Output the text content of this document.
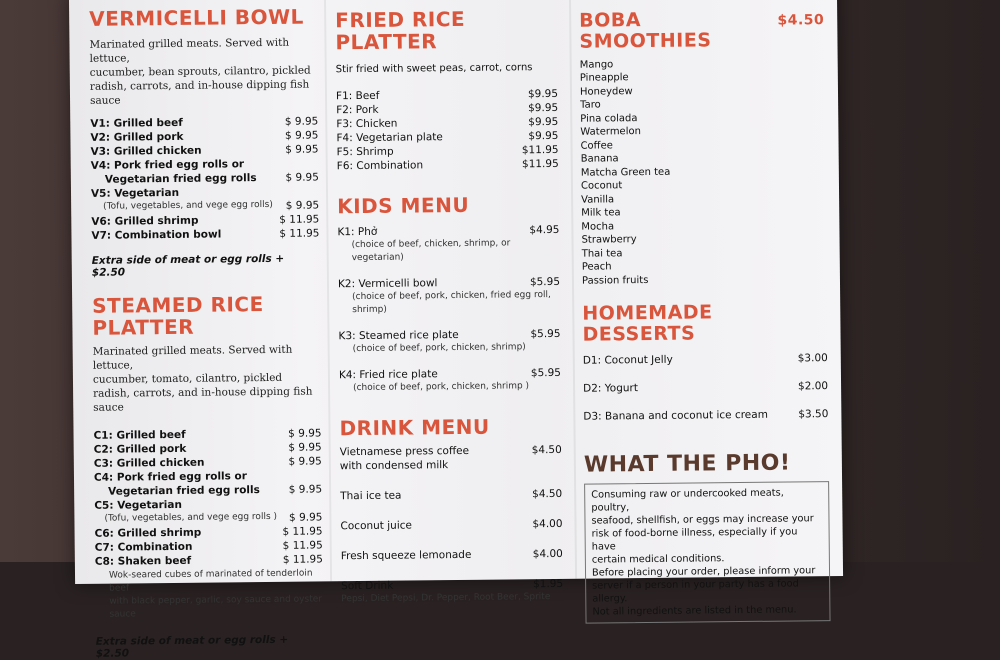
VERMICELLI BOWL
Marinated grilled meats. Served with lettuce,
cucumber, bean sprouts, cilantro, pickled
radish, carrots, and in-house dipping fish sauce
V1: Grilled beef	$ 9.95
V2: Grilled pork	$ 9.95
V3: Grilled chicken	$ 9.95
V4: Pork fried egg rolls or
Vegetarian fried egg rolls	$ 9.95
V5: Vegetarian
(Tofu, vegetables, and vege egg rolls) $ 9.95
V6: Grilled shrimp	$ 11.95
V7: Combination bowl	$ 11.95
Extra side of meat or egg rolls + $2.50
STEAMED RICE PLATTER
Marinated grilled meats. Served with lettuce,
cucumber, tomato, cilantro, pickled
radish, carrots, and in-house dipping fish sauce
C1: Grilled beef	$ 9.95
C2: Grilled pork	$ 9.95
C3: Grilled chicken	$ 9.95
C4: Pork fried egg rolls or
Vegetarian fried egg rolls	$ 9.95
C5: Vegetarian
(Tofu, vegetables, and vege egg rolls ) $ 9.95
C6: Grilled shrimp	$ 11.95
C7: Combination	$ 11.95
C8: Shaken beef	$ 11.95
Wok-seared cubes of marinated of tenderloin beef
with black pepper, garlic, soy sauce and oyster sauce
Extra side of meat or egg rolls + $2.50
FRIED RICE PLATTER
Stir fried with sweet peas, carrot, corns
F1: Beef	$9.95
F2: Pork	$9.95
F3: Chicken	$9.95
F4: Vegetarian plate	$9.95
F5: Shrimp	$11.95
F6: Combination	$11.95
KIDS MENU
K1: Phở	$4.95
(choice of beef, chicken, shrimp, or vegetarian)
K2: Vermicelli bowl	$5.95
(choice of beef, pork, chicken, fried egg roll, shrimp)
K3: Steamed rice plate	$5.95
(choice of beef, pork, chicken, shrimp)
K4: Fried rice plate	$5.95
(choice of beef, pork, chicken, shrimp )
DRINK MENU
Vietnamese press coffee	$4.50
with condensed milk
Thai ice tea	$4.50
Coconut juice	$4.00
Fresh squeeze lemonade	$4.00
Soft Drink	$1.95
Pepsi, Diet Pepsi, Dr. Pepper, Root Beer, Sprite
BOBA SMOOTHIES
$4.50
Mango
Pineapple
Honeydew
Taro
Pina colada
Watermelon
Coffee
Banana
Matcha Green tea
Coconut
Vanilla
Milk tea
Mocha
Strawberry
Thai tea
Peach
Passion fruits
HOMEMADE DESSERTS
D1: Coconut Jelly	$3.00
D2: Yogurt	$2.00
D3: Banana and coconut ice cream	$3.50
WHAT THE PHO!
Consuming raw or undercooked meats, poultry,
seafood, shellfish, or eggs may increase your
risk of food-borne illness, especially if you have
certain medical conditions.
Before placing your order, please inform your
server if a person in your party has a food allergy.
Not all ingredients are listed in the menu.
